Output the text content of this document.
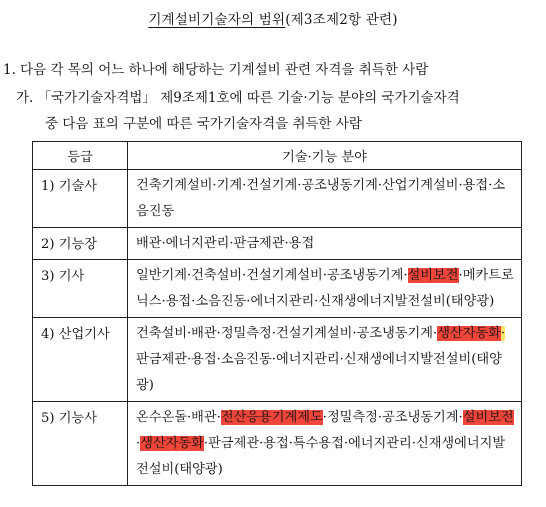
기계설비기술자의 범위(제3조제2항 관련)
1. 다음 각 목의 어느 하나에 해당하는 기계설비 관련 자격을 취득한 사람
가. 「국가기술자격법」 제9조제1호에 따른 기술·기능 분야의 국가기술자격
중 다음 표의 구분에 따른 국가기술자격을 취득한 사람
등급	기술·기능 분야
1) 기술사	건축기계설비·기계·건설기계·공조냉동기계·산업기계설비·용접·소음진동
2) 기능장	배관·에너지관리·판금제관·용접
3) 기사	일반기계·건축설비·건설기계설비·공조냉동기계·설비보전·메카트로닉스·용접·소음진동·에너지관리·신재생에너지발전설비(태양광)
4) 산업기사	건축설비·배관·정밀측정·건설기계설비·공조냉동기계·생산자동화·판금제관·용접·소음진동·에너지관리·신재생에너지발전설비(태양광)
5) 기능사	온수온돌·배관·전산응용기계제도·정밀측정·공조냉동기계·설비보전·생산자동화·판금제관·용접·특수용접·에너지관리·신재생에너지발전설비(태양광)
